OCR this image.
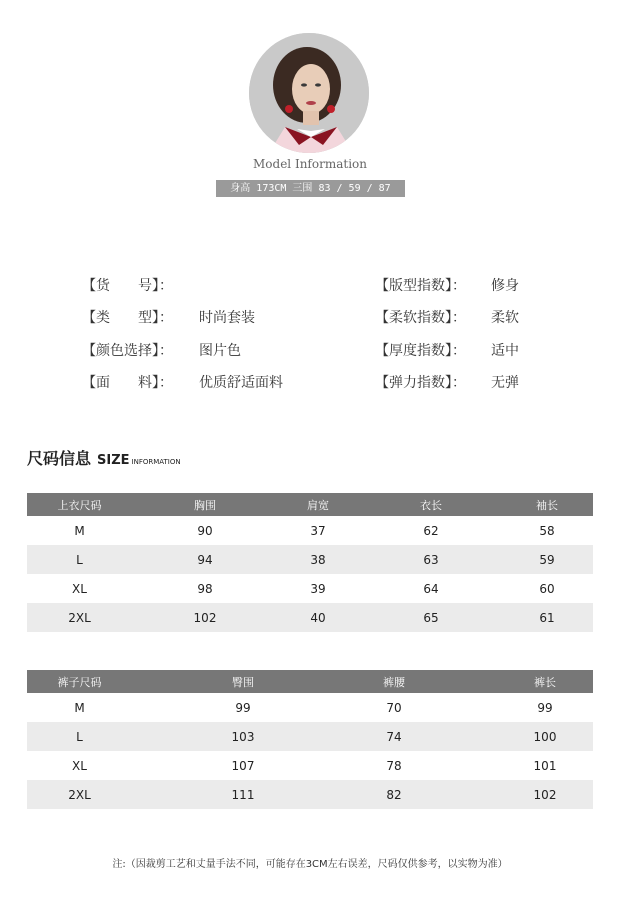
Model Information
身高 173CM 三围 83 / 59 / 87
【货　　号】：
【类　　型】：	时尚套装
【颜色选择】：	图片色
【面　　料】：	优质舒适面料
【版型指数】： 修身
【柔软指数】： 柔软
【厚度指数】： 适中
【弹力指数】： 无弹
尺码信息 SIZE INFORMATION
上衣尺码	胸围	肩宽	衣长	袖长
M	90	37	62	58
L	94	38	63	59
XL	98	39	64	60
2XL	102	40	65	61
裤子尺码	臀围	裤腰	裤长
M	99	70	99
L	103	74	100
XL	107	78	101
2XL	111	82	102
注:（因裁剪工艺和丈量手法不同，可能存在3CM左右误差，尺码仅供参考，以实物为准）
